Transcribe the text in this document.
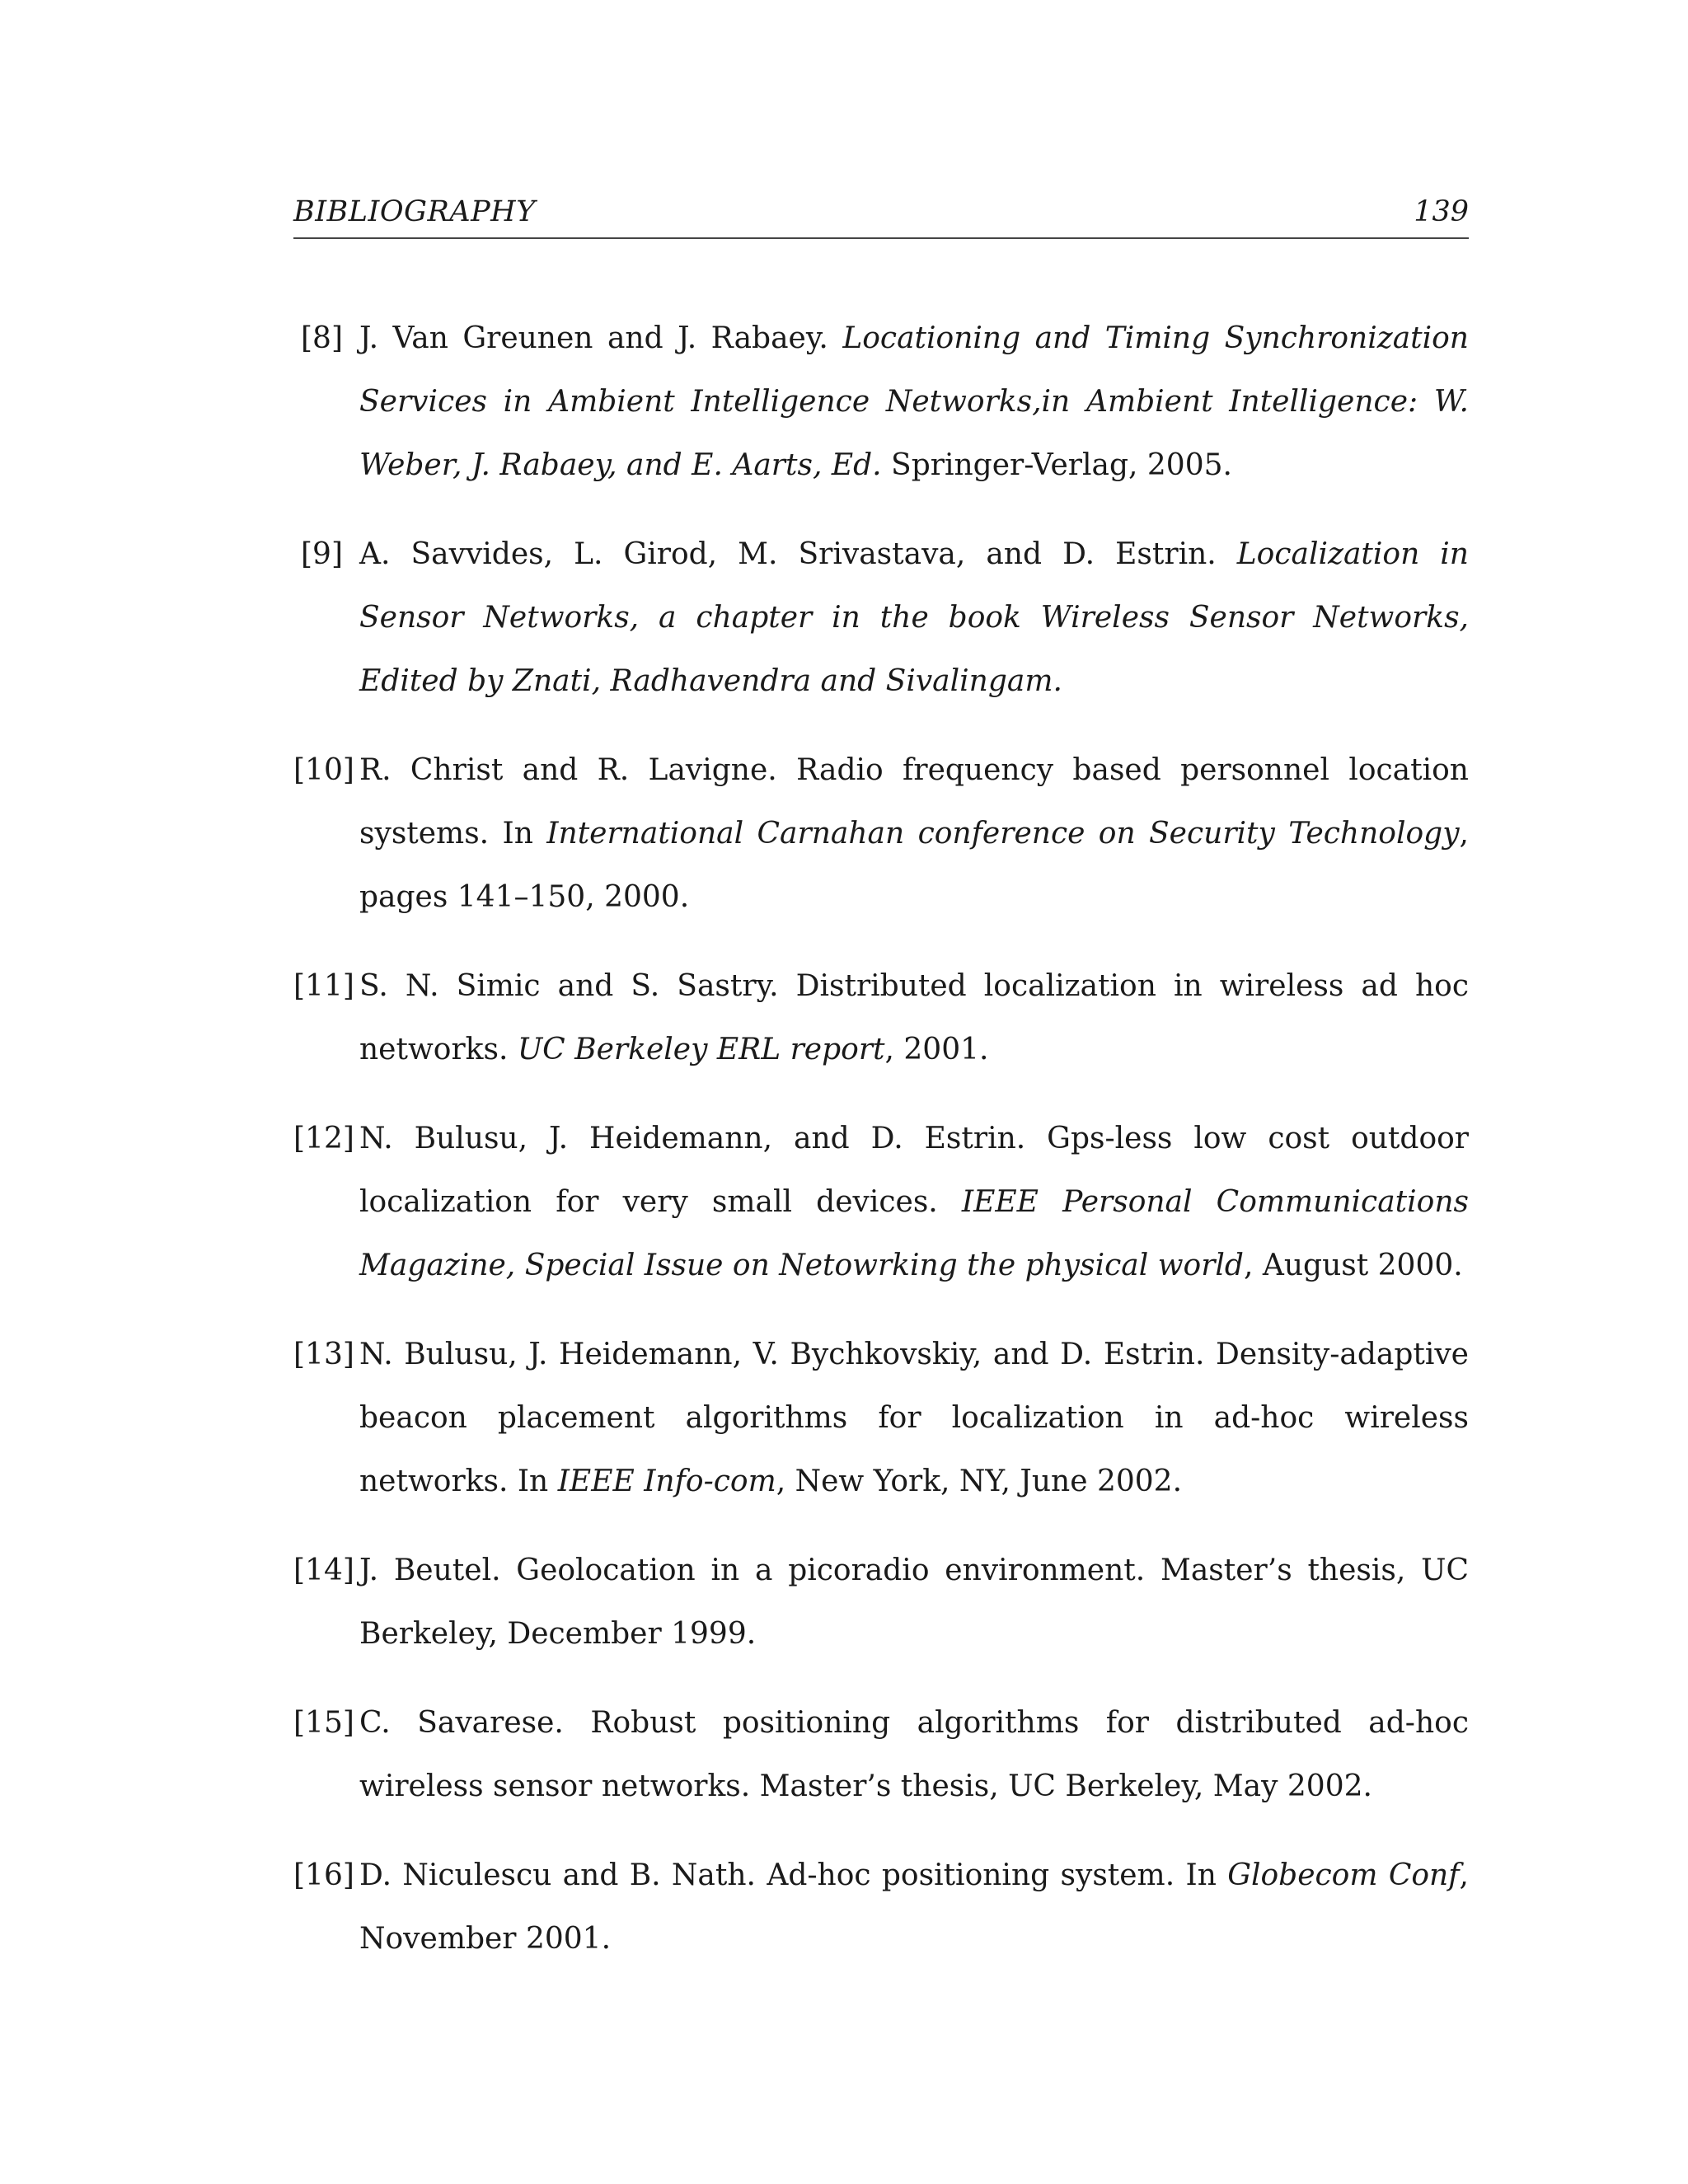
BIBLIOGRAPHY	139
[8] J. Van Greunen and J. Rabaey. Locationing and Timing Synchronization Services in Ambient Intelligence Networks,in Ambient Intelligence: W. Weber, J. Rabaey, and E. Aarts, Ed. Springer-Verlag, 2005.
[9] A. Savvides, L. Girod, M. Srivastava, and D. Estrin. Localization in Sensor Networks, a chapter in the book Wireless Sensor Networks, Edited by Znati, Radhavendra and Sivalingam.
[10] R. Christ and R. Lavigne. Radio frequency based personnel location systems. In International Carnahan conference on Security Technology, pages 141–150, 2000.
[11] S. N. Simic and S. Sastry. Distributed localization in wireless ad hoc networks. UC Berkeley ERL report, 2001.
[12] N. Bulusu, J. Heidemann, and D. Estrin. Gps-less low cost outdoor localization for very small devices. IEEE Personal Communications Magazine, Special Issue on Netowrking the physical world, August 2000.
[13] N. Bulusu, J. Heidemann, V. Bychkovskiy, and D. Estrin. Density-adaptive beacon placement algorithms for localization in ad-hoc wireless networks. In IEEE Info-com, New York, NY, June 2002.
[14] J. Beutel. Geolocation in a picoradio environment. Master’s thesis, UC Berkeley, December 1999.
[15] C. Savarese. Robust positioning algorithms for distributed ad-hoc wireless sensor networks. Master’s thesis, UC Berkeley, May 2002.
[16] D. Niculescu and B. Nath. Ad-hoc positioning system. In Globecom Conf, November 2001.
